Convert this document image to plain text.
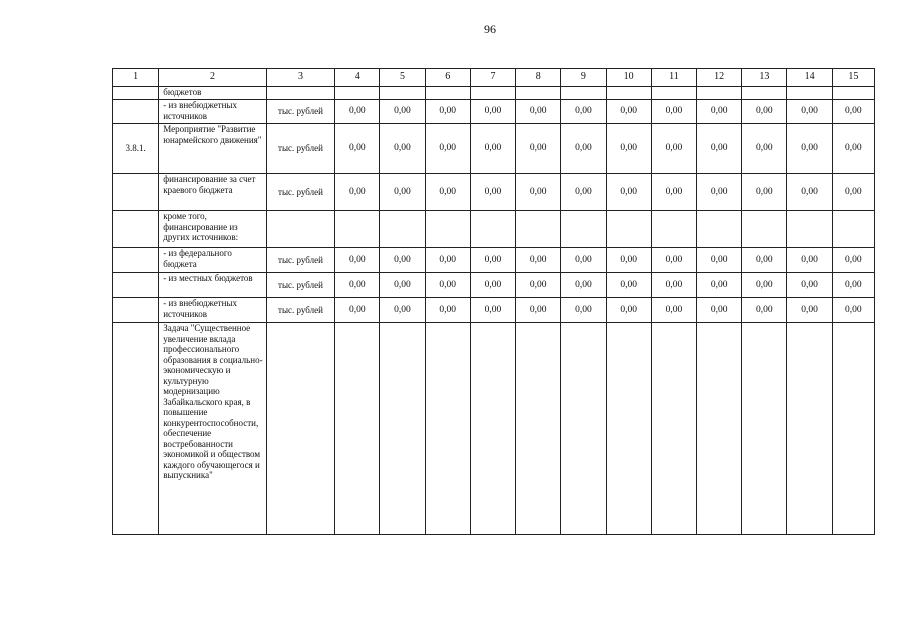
96
1	2	3	4	5	6	7	8	9	10	11	12	13	14	15
	бюджетов													
	- из внебюджетных источников	тыс. рублей	0,00	0,00	0,00	0,00	0,00	0,00	0,00	0,00	0,00	0,00	0,00	0,00
3.8.1.	Мероприятие "Развитие юнармейского движения"	тыс. рублей	0,00	0,00	0,00	0,00	0,00	0,00	0,00	0,00	0,00	0,00	0,00	0,00
	финансирование за счет краевого бюджета	тыс. рублей	0,00	0,00	0,00	0,00	0,00	0,00	0,00	0,00	0,00	0,00	0,00	0,00
	кроме того, финансирование из других источников:													
	- из федерального бюджета	тыс. рублей	0,00	0,00	0,00	0,00	0,00	0,00	0,00	0,00	0,00	0,00	0,00	0,00
	- из местных бюджетов	тыс. рублей	0,00	0,00	0,00	0,00	0,00	0,00	0,00	0,00	0,00	0,00	0,00	0,00
	- из внебюджетных источников	тыс. рублей	0,00	0,00	0,00	0,00	0,00	0,00	0,00	0,00	0,00	0,00	0,00	0,00
	Задача "Существенное увеличение вклада профессионального образования в социально-экономическую и культурную модернизацию Забайкальского края, в повышение конкурентоспособности, обеспечение востребованности экономикой и обществом каждого обучающегося и выпускника"													
